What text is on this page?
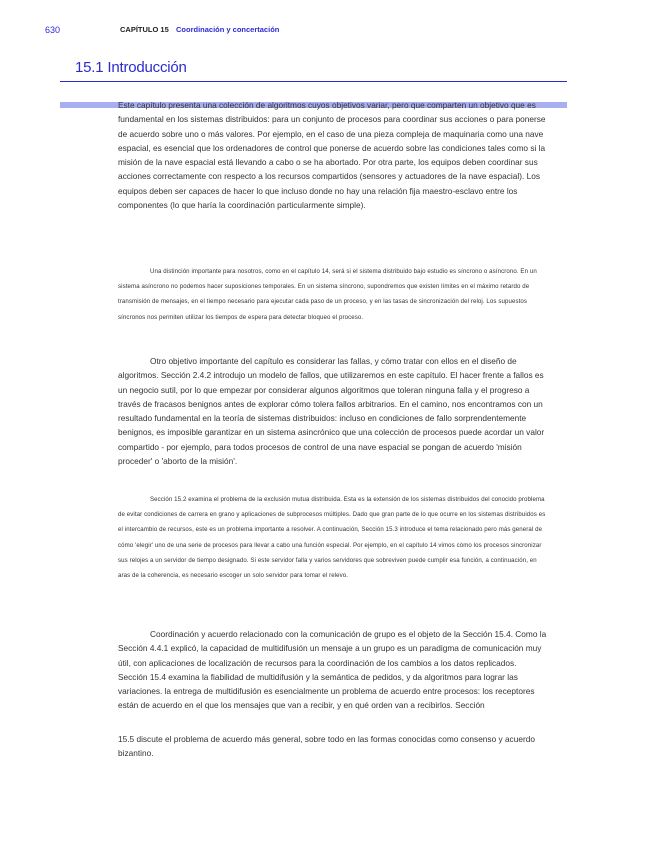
630	CAPÍTULO 15 Coordinación y concertación
15.1 Introducción

Este capítulo presenta una colección de algoritmos cuyos objetivos variar, pero que comparten un objetivo que es fundamental en los sistemas distribuidos: para un conjunto de procesos para coordinar sus acciones o para ponerse de acuerdo sobre uno o más valores. Por ejemplo, en el caso de una pieza compleja de maquinaria como una nave espacial, es esencial que los ordenadores de control que ponerse de acuerdo sobre las condiciones tales como si la misión de la nave espacial está llevando a cabo o se ha abortado. Por otra parte, los equipos deben coordinar sus acciones correctamente con respecto a los recursos compartidos (sensores y actuadores de la nave espacial). Los equipos deben ser capaces de hacer lo que incluso donde no hay una relación fija maestro-esclavo entre los componentes (lo que haría la coordinación particularmente simple).

Una distinción importante para nosotros, como en el capítulo 14, será si el sistema distribuido bajo estudio es síncrono o asíncrono. En un sistema asíncrono no podemos hacer suposiciones temporales. En un sistema síncrono, supondremos que existen límites en el máximo retardo de transmisión de mensajes, en el tiempo necesario para ejecutar cada paso de un proceso, y en las tasas de sincronización del reloj. Los supuestos síncronos nos permiten utilizar los tiempos de espera para detectar bloqueo el proceso.

Otro objetivo importante del capítulo es considerar las fallas, y cómo tratar con ellos en el diseño de algoritmos. Sección 2.4.2 introdujo un modelo de fallos, que utilizaremos en este capítulo. El hacer frente a fallos es un negocio sutil, por lo que empezar por considerar algunos algoritmos que toleran ninguna falla y el progreso a través de fracasos benignos antes de explorar cómo tolera fallos arbitrarios. En el camino, nos encontramos con un resultado fundamental en la teoría de sistemas distribuidos: incluso en condiciones de fallo sorprendentemente benignos, es imposible garantizar en un sistema asincrónico que una colección de procesos puede acordar un valor compartido - por ejemplo, para todos procesos de control de una nave espacial se pongan de acuerdo 'misión proceder' o 'aborto de la misión'.

Sección 15.2 examina el problema de la exclusión mutua distribuida. Esta es la extensión de los sistemas distribuidos del conocido problema de evitar condiciones de carrera en grano y aplicaciones de subprocesos múltiples. Dado que gran parte de lo que ocurre en los sistemas distribuidos es el intercambio de recursos, este es un problema importante a resolver. A continuación, Sección 15.3 introduce el tema relacionado pero más general de cómo 'elegir' uno de una serie de procesos para llevar a cabo una función especial. Por ejemplo, en el capítulo 14 vimos cómo los procesos sincronizar sus relojes a un servidor de tiempo designado. Si este servidor falla y varios servidores que sobreviven puede cumplir esa función, a continuación, en aras de la coherencia, es necesario escoger un solo servidor para tomar el relevo.

Coordinación y acuerdo relacionado con la comunicación de grupo es el objeto de la Sección 15.4. Como la Sección 4.4.1 explicó, la capacidad de multidifusión un mensaje a un grupo es un paradigma de comunicación muy útil, con aplicaciones de localización de recursos para la coordinación de los cambios a los datos replicados. Sección 15.4 examina la fiabilidad de multidifusión y la semántica de pedidos, y da algoritmos para lograr las variaciones. la entrega de multidifusión es esencialmente un problema de acuerdo entre procesos: los receptores están de acuerdo en el que los mensajes que van a recibir, y en qué orden van a recibirlos. Sección

15.5 discute el problema de acuerdo más general, sobre todo en las formas conocidas como consenso y acuerdo bizantino.
